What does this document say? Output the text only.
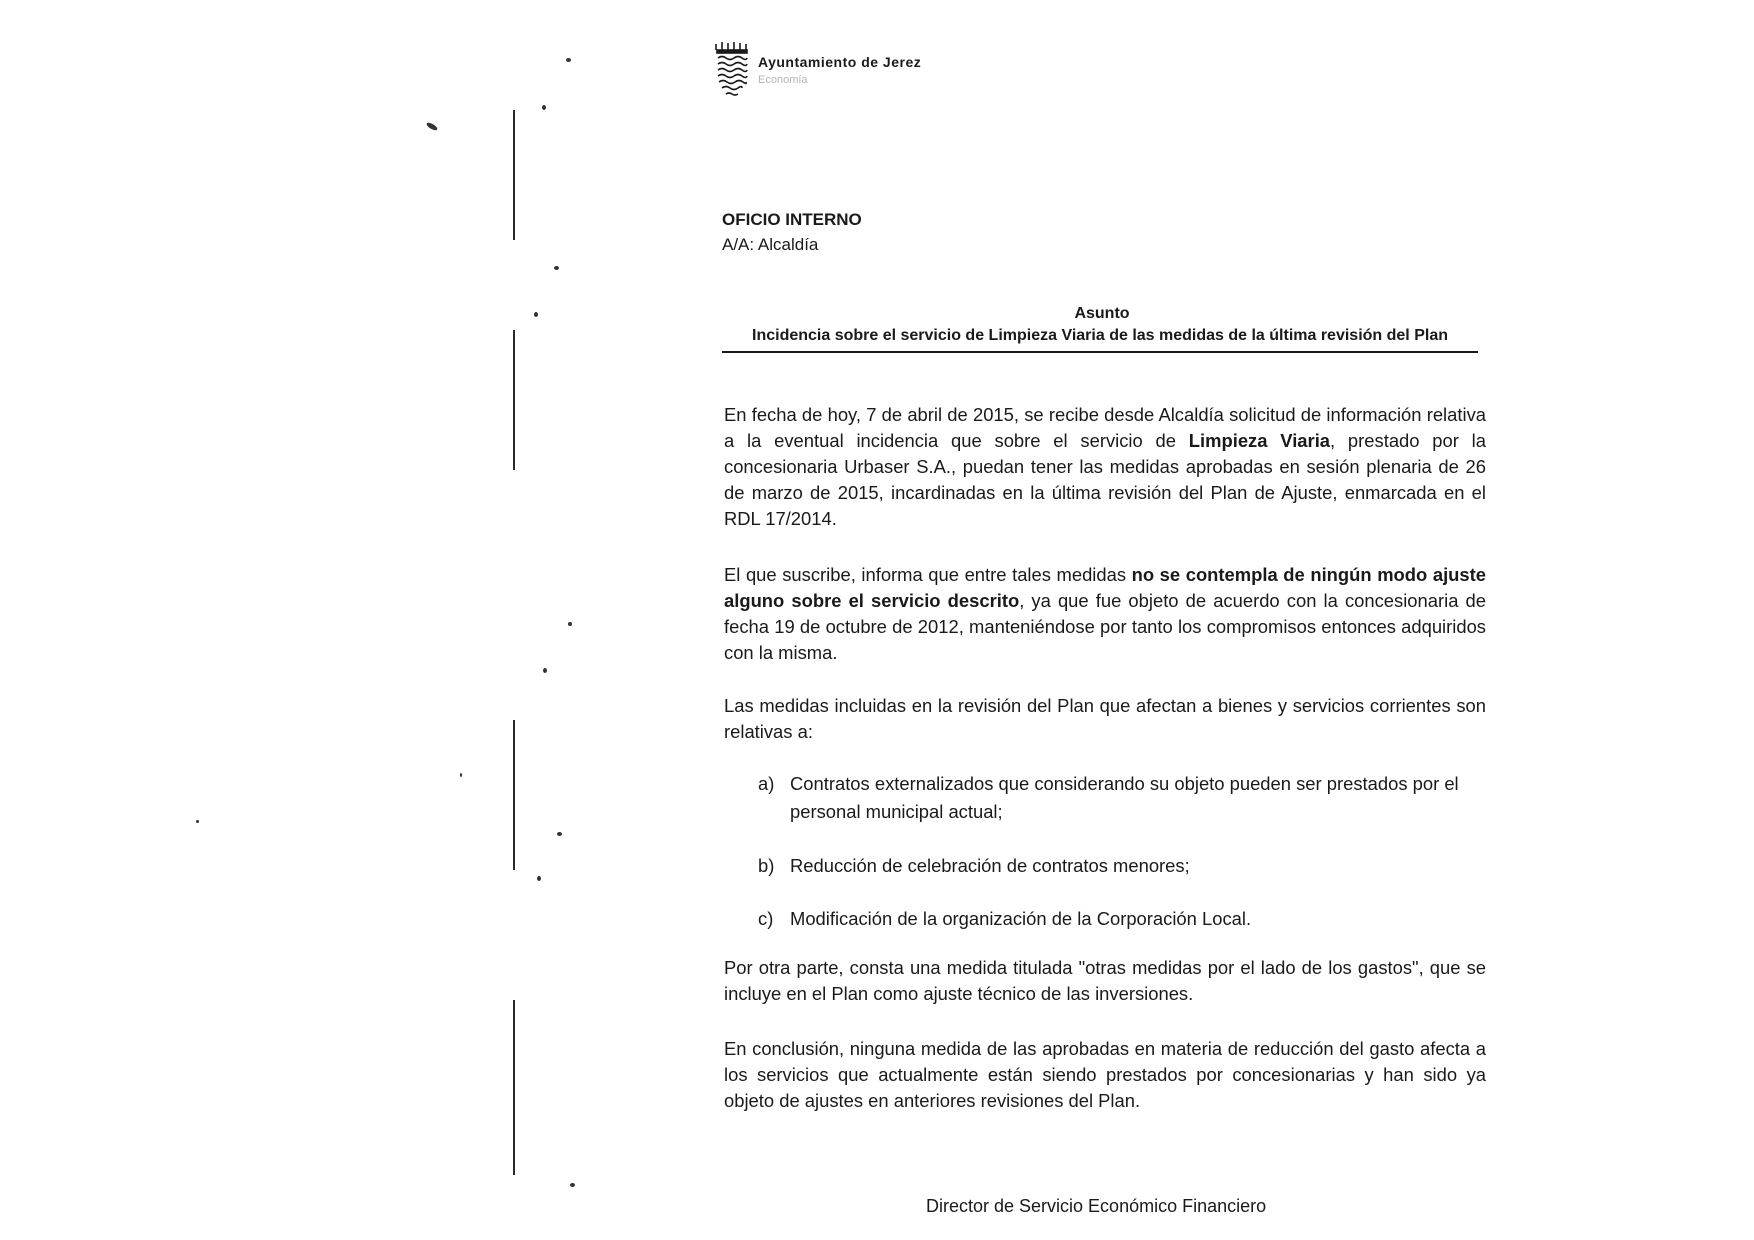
Ayuntamiento de Jerez
Economía
OFICIO INTERNO
A/A: Alcaldía
Asunto
Incidencia sobre el servicio de Limpieza Viaria de las medidas de la última revisión del Plan

En fecha de hoy, 7 de abril de 2015, se recibe desde Alcaldía solicitud de información relativa a la eventual incidencia que sobre el servicio de Limpieza Viaria, prestado por la concesionaria Urbaser S.A., puedan tener las medidas aprobadas en sesión plenaria de 26 de marzo de 2015, incardinadas en la última revisión del Plan de Ajuste, enmarcada en el RDL 17/2014.

El que suscribe, informa que entre tales medidas no se contempla de ningún modo ajuste alguno sobre el servicio descrito, ya que fue objeto de acuerdo con la concesionaria de fecha 19 de octubre de 2012, manteniéndose por tanto los compromisos entonces adquiridos con la misma.

Las medidas incluidas en la revisión del Plan que afectan a bienes y servicios corrientes son relativas a:

a) Contratos externalizados que considerando su objeto pueden ser prestados por el personal municipal actual;
b) Reducción de celebración de contratos menores;
c) Modificación de la organización de la Corporación Local.

Por otra parte, consta una medida titulada "otras medidas por el lado de los gastos", que se incluye en el Plan como ajuste técnico de las inversiones.

En conclusión, ninguna medida de las aprobadas en materia de reducción del gasto afecta a los servicios que actualmente están siendo prestados por concesionarias y han sido ya objeto de ajustes en anteriores revisiones del Plan.

Director de Servicio Económico Financiero
